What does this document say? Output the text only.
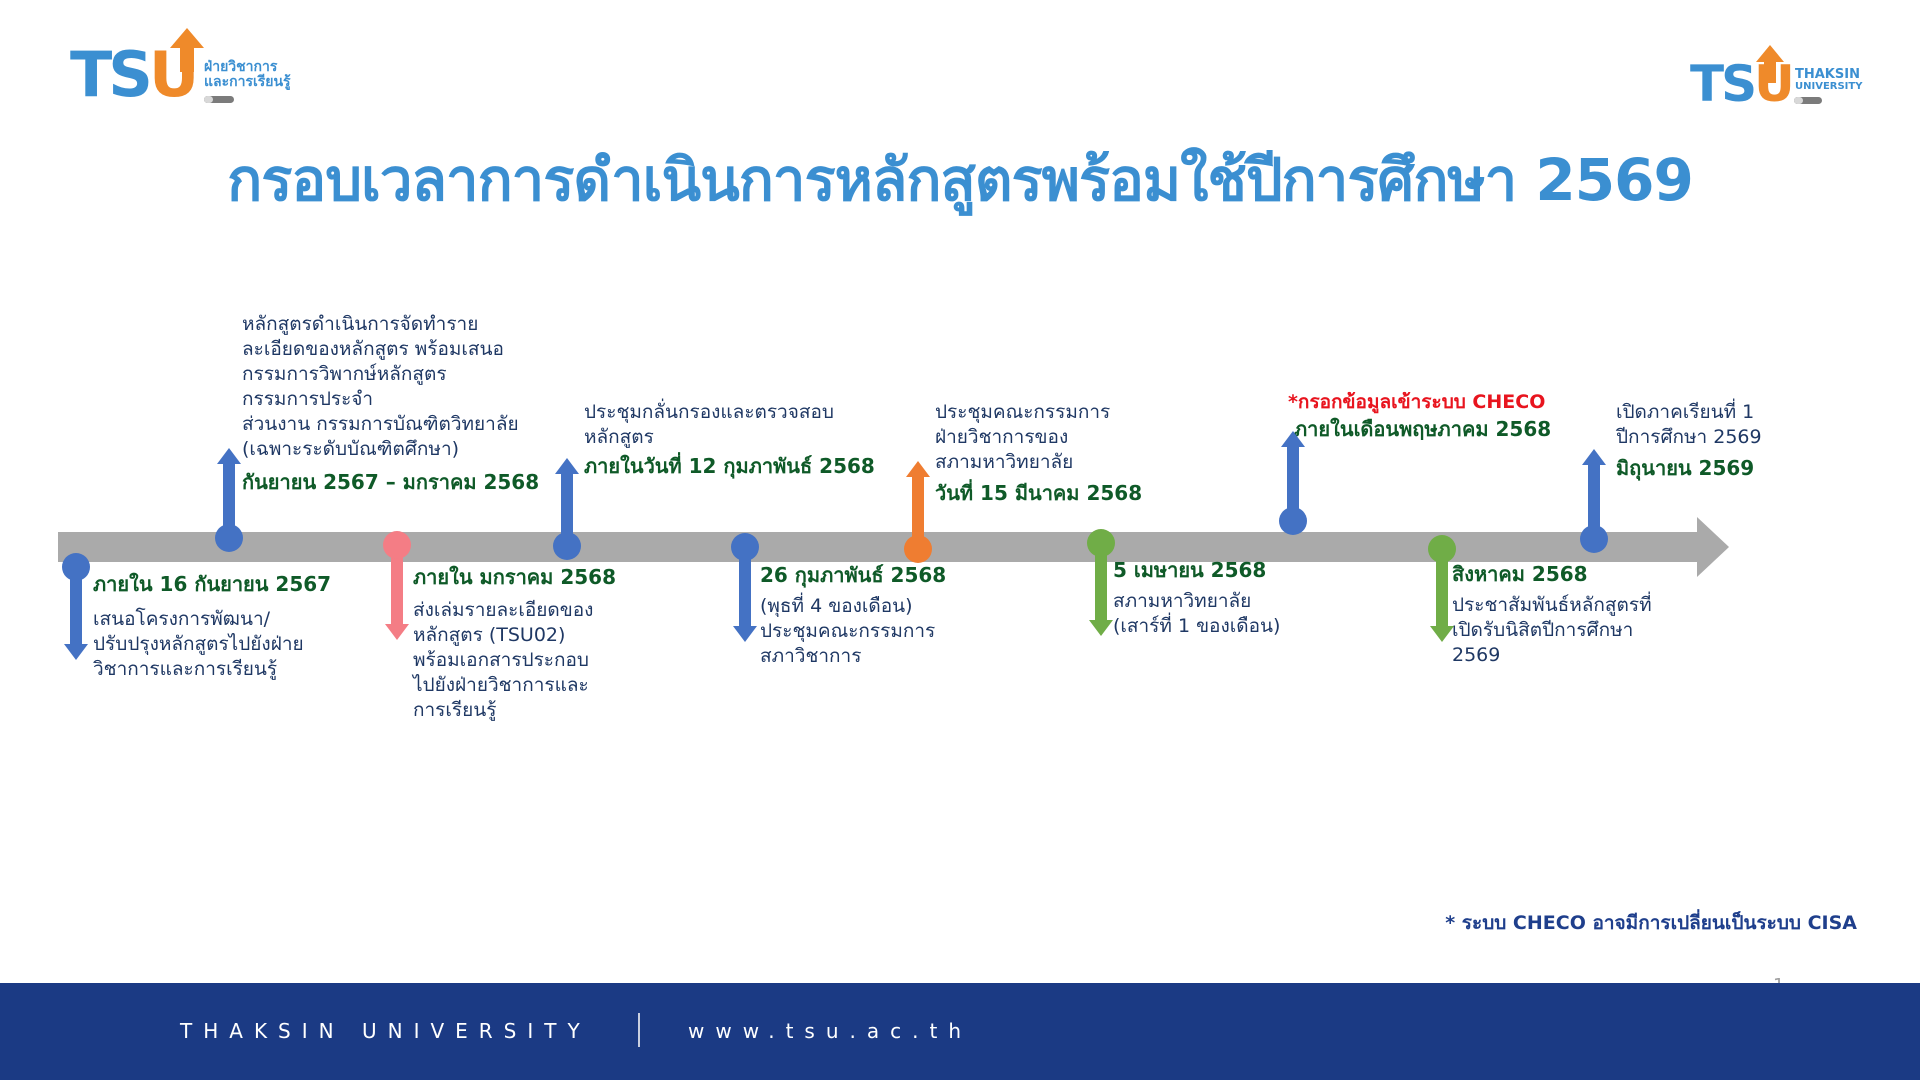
TSU ฝ่ายวิชาการ
และการเรียนรู้	TSU THAKSIN
UNIVERSITY
กรอบเวลาการดำเนินการหลักสูตรพร้อมใช้ปีการศึกษา 2569
ภายใน 16 กันยายน 2567
เสนอโครงการพัฒนา/
ปรับปรุงหลักสูตรไปยังฝ่าย
วิชาการและการเรียนรู้
หลักสูตรดำเนินการจัดทำราย
ละเอียดของหลักสูตร พร้อมเสนอ
กรรมการวิพากษ์หลักสูตร
กรรมการประจำ
ส่วนงาน กรรมการบัณฑิตวิทยาลัย
(เฉพาะระดับบัณฑิตศึกษา)
กันยายน 2567 – มกราคม 2568
ภายใน มกราคม 2568
ส่งเล่มรายละเอียดของ
หลักสูตร (TSU02)
พร้อมเอกสารประกอบ
ไปยังฝ่ายวิชาการและ
การเรียนรู้
ประชุมกลั่นกรองและตรวจสอบ
หลักสูตร
ภายในวันที่ 12 กุมภาพันธ์ 2568
26 กุมภาพันธ์ 2568
(พุธที่ 4 ของเดือน)
ประชุมคณะกรรมการ
สภาวิชาการ
ประชุมคณะกรรมการ
ฝ่ายวิชาการของ
สภามหาวิทยาลัย
วันที่ 15 มีนาคม 2568
5 เมษายน 2568
สภามหาวิทยาลัย
(เสาร์ที่ 1 ของเดือน)
*กรอกข้อมูลเข้าระบบ CHECO
ภายในเดือนพฤษภาคม 2568
สิงหาคม 2568
ประชาสัมพันธ์หลักสูตรที่
เปิดรับนิสิตปีการศึกษา
2569
เปิดภาคเรียนที่ 1
ปีการศึกษา 2569
มิถุนายน 2569
* ระบบ CHECO อาจมีการเปลี่ยนเป็นระบบ CISA
THAKSIN UNIVERSITY	www.tsu.ac.th
